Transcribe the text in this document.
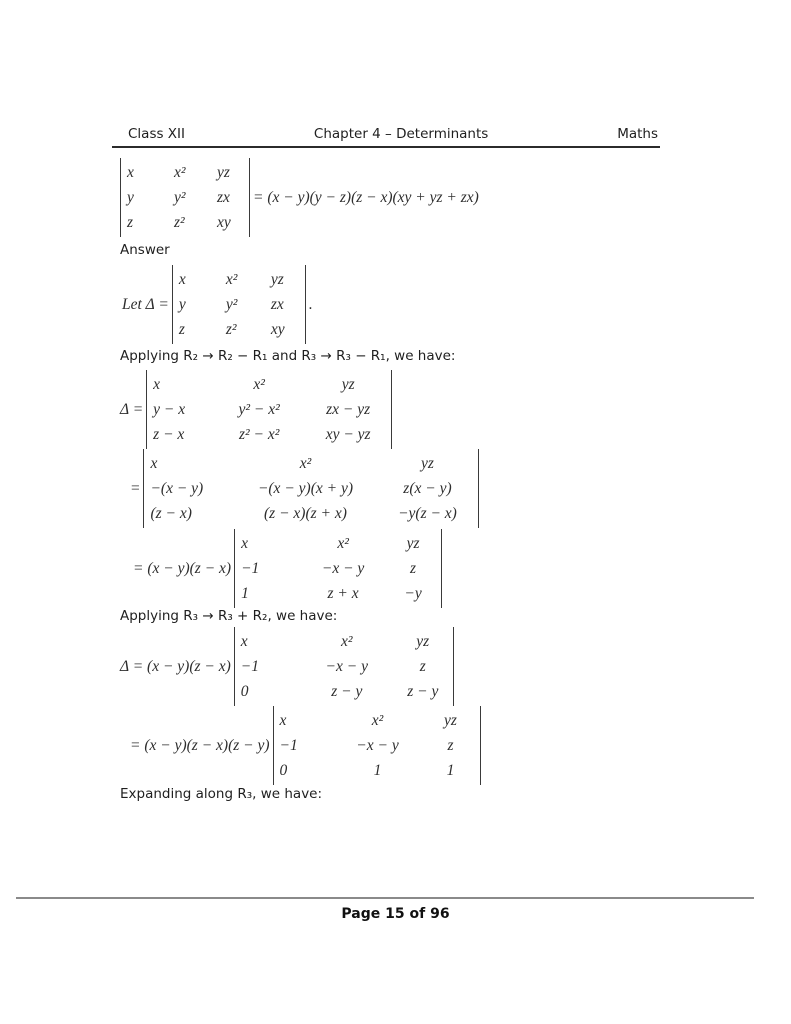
Class XII	Chapter 4 – Determinants	Maths
x	x²	yz
y	y²	zx
z	z²	xy
= (x − y)(y − z)(z − x)(xy + yz + zx)

Answer

Let Δ =
x	x²	yz
y	y²	zx
z	z²	xy
.

Applying R₂ → R₂ − R₁ and R₃ → R₃ − R₁, we have:

Δ =
x	x²	yz
y − x	y² − x²	zx − yz
z − x	z² − x²	xy − yz
=
x	x²	yz
−(x − y)	−(x − y)(x + y)	z(x − y)
(z − x)	(z − x)(z + x)	−y(z − x)
= (x − y)(z − x)
x	x²	yz
−1	−x − y	z
1	z + x	−y

Applying R₃ → R₃ + R₂, we have:

Δ = (x − y)(z − x)
x	x²	yz
−1	−x − y	z
0	z − y	z − y
= (x − y)(z − x)(z − y)
x	x²	yz
−1	−x − y	z
0	1	1

Expanding along R₃, we have:

Page 15 of 96
